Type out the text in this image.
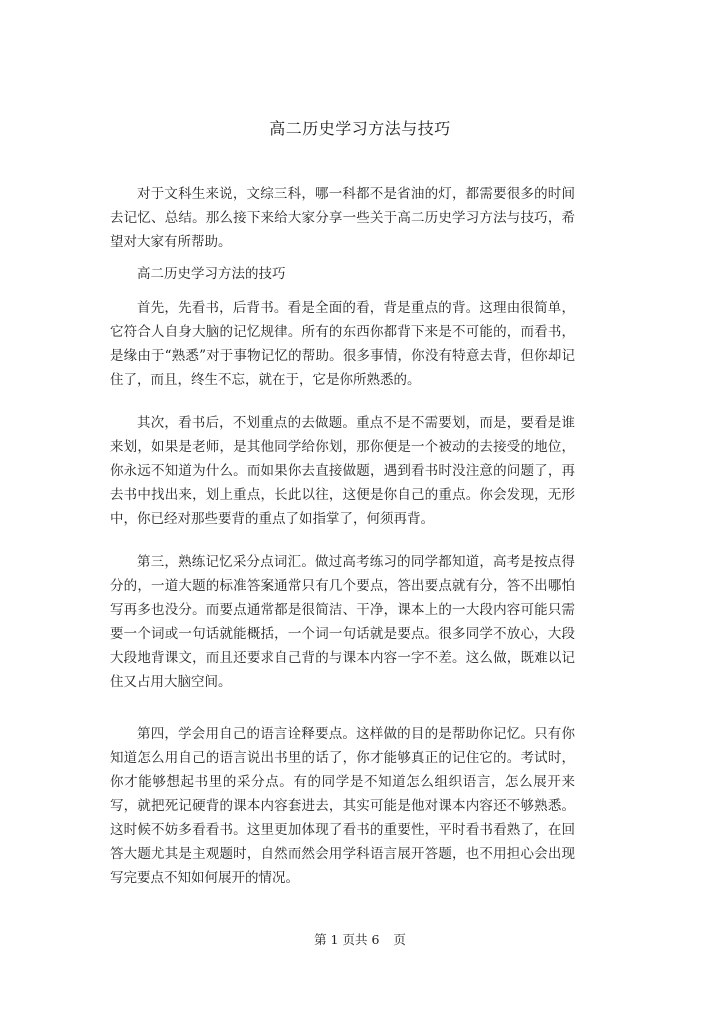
高二历史学习方法与技巧

对于文科生来说，文综三科，哪一科都不是省油的灯，都需要很多的时间去记忆、总结。那么接下来给大家分享一些关于高二历史学习方法与技巧，希望对大家有所帮助。

高二历史学习方法的技巧

首先，先看书，后背书。看是全面的看，背是重点的背。这理由很简单，它符合人自身大脑的记忆规律。所有的东西你都背下来是不可能的，而看书，是缘由于“熟悉”对于事物记忆的帮助。很多事情，你没有特意去背，但你却记住了，而且，终生不忘，就在于，它是你所熟悉的。

其次，看书后，不划重点的去做题。重点不是不需要划，而是，要看是谁来划，如果是老师，是其他同学给你划，那你便是一个被动的去接受的地位，你永远不知道为什么。而如果你去直接做题，遇到看书时没注意的问题了，再去书中找出来，划上重点，长此以往，这便是你自己的重点。你会发现，无形中，你已经对那些要背的重点了如指掌了，何须再背。

第三，熟练记忆采分点词汇。做过高考练习的同学都知道，高考是按点得分的，一道大题的标准答案通常只有几个要点，答出要点就有分，答不出哪怕写再多也没分。而要点通常都是很简洁、干净，课本上的一大段内容可能只需要一个词或一句话就能概括，一个词一句话就是要点。很多同学不放心，大段大段地背课文，而且还要求自己背的与课本内容一字不差。这么做，既难以记住又占用大脑空间。

第四，学会用自己的语言诠释要点。这样做的目的是帮助你记忆。只有你知道怎么用自己的语言说出书里的话了，你才能够真正的记住它的。考试时，你才能够想起书里的采分点。有的同学是不知道怎么组织语言，怎么展开来写，就把死记硬背的课本内容套进去，其实可能是他对课本内容还不够熟悉。这时候不妨多看看书。这里更加体现了看书的重要性，平时看书看熟了，在回答大题尤其是主观题时，自然而然会用学科语言展开答题，也不用担心会出现写完要点不知如何展开的情况。

第 1 页共 6 页
